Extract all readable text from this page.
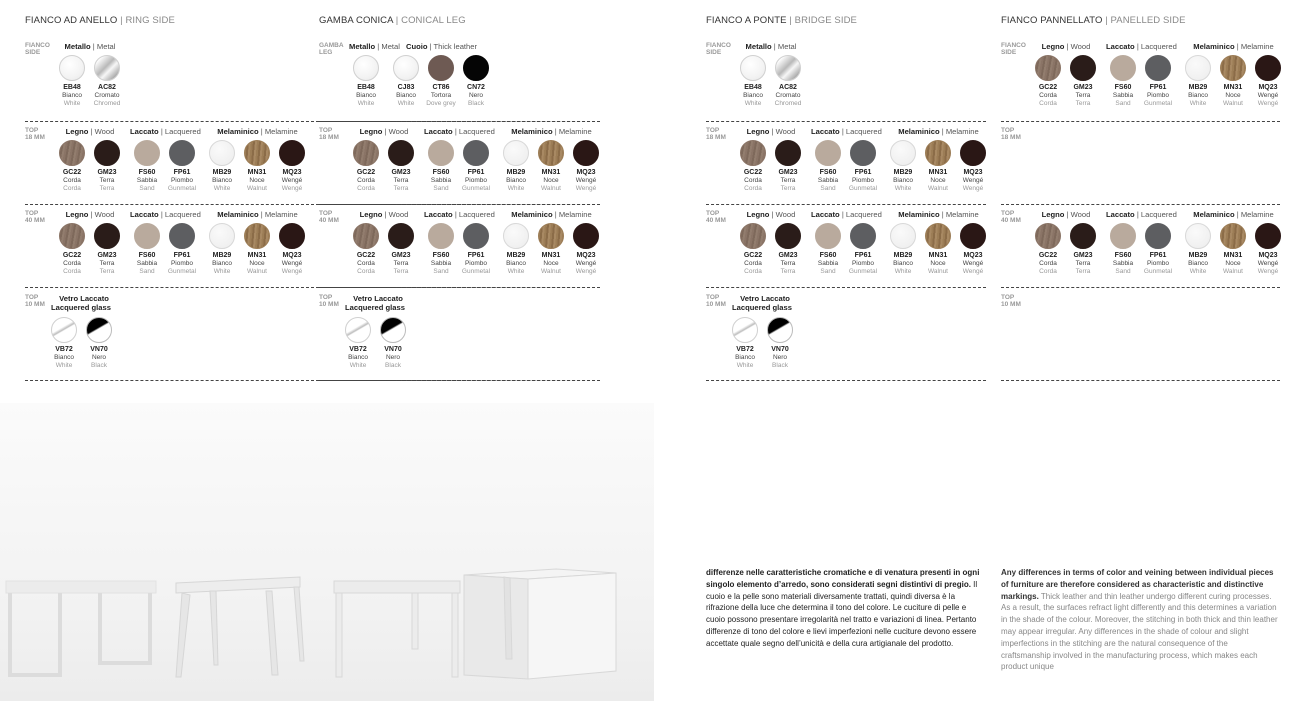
differenze nelle caratteristiche cromatiche e di venatura presenti in ogni singolo elemento d’arredo, sono considerati segni distintivi di pregio. Il cuoio e la pelle sono materiali diversamente trattati, quindi diversa è la rifrazione della luce che determina il tono del colore. Le cuciture di pelle e cuoio possono presentare irregolarità nel tratto e variazioni di linea. Pertanto differenze di tono del colore e lievi imperfezioni nelle cuciture devono essere accettate quale segno dell’unicità e della cura artigianale del prodotto.
Any differences in terms of color and veining between individual pieces of furniture are therefore considered as characteristic and distinctive markings. Thick leather and thin leather undergo different curing processes. As a result, the surfaces refract light differently and this determines a variation in the shade of the colour. Moreover, the stitching in both thick and thin leather may appear irregular. Any differences in the shade of colour and slight imperfections in the stitching are the natural consequence of the craftsmanship involved in the manufacturing process, which makes each product unique
FIANCO AD ANELLO | RING SIDE
FIANCO
SIDE
Metallo | Metal
EB48
Bianco
White
AC82
Cromato
Chromed
TOP
18 MM
Legno | Wood
GC22
Corda
Corda
GM23
Terra
Terra
Laccato | Lacquered
FS60
Sabbia
Sand
FP61
Piombo
Gunmetal
Melaminico | Melamine
MB29
Bianco
White
MN31
Noce
Walnut
MQ23
Wengé
Wengé
TOP
40 MM
Legno | Wood
GC22
Corda
Corda
GM23
Terra
Terra
Laccato | Lacquered
FS60
Sabbia
Sand
FP61
Piombo
Gunmetal
Melaminico | Melamine
MB29
Bianco
White
MN31
Noce
Walnut
MQ23
Wengé
Wengé
TOP
10 MM
Vetro Laccato
Lacquered glass
VB72
Bianco
White
VN70
Nero
Black
GAMBA CONICA | CONICAL LEG
GAMBA
LEG
Metallo | Metal
EB48
Bianco
White
Cuoio | Thick leather
CJ83
Bianco
White
CT86
Tortora
Dove grey
CN72
Nero
Black
TOP
18 MM
Legno | Wood
GC22
Corda
Corda
GM23
Terra
Terra
Laccato | Lacquered
FS60
Sabbia
Sand
FP61
Piombo
Gunmetal
Melaminico | Melamine
MB29
Bianco
White
MN31
Noce
Walnut
MQ23
Wengé
Wengé
TOP
40 MM
Legno | Wood
GC22
Corda
Corda
GM23
Terra
Terra
Laccato | Lacquered
FS60
Sabbia
Sand
FP61
Piombo
Gunmetal
Melaminico | Melamine
MB29
Bianco
White
MN31
Noce
Walnut
MQ23
Wengé
Wengé
TOP
10 MM
Vetro Laccato
Lacquered glass
VB72
Bianco
White
VN70
Nero
Black
FIANCO A PONTE | BRIDGE SIDE
FIANCO
SIDE
Metallo | Metal
EB48
Bianco
White
AC82
Cromato
Chromed
TOP
18 MM
Legno | Wood
GC22
Corda
Corda
GM23
Terra
Terra
Laccato | Lacquered
FS60
Sabbia
Sand
FP61
Piombo
Gunmetal
Melaminico | Melamine
MB29
Bianco
White
MN31
Noce
Walnut
MQ23
Wengé
Wengé
TOP
40 MM
Legno | Wood
GC22
Corda
Corda
GM23
Terra
Terra
Laccato | Lacquered
FS60
Sabbia
Sand
FP61
Piombo
Gunmetal
Melaminico | Melamine
MB29
Bianco
White
MN31
Noce
Walnut
MQ23
Wengé
Wengé
TOP
10 MM
Vetro Laccato
Lacquered glass
VB72
Bianco
White
VN70
Nero
Black
FIANCO PANNELLATO | PANELLED SIDE
FIANCO
SIDE
Legno | Wood
GC22
Corda
Corda
GM23
Terra
Terra
Laccato | Lacquered
FS60
Sabbia
Sand
FP61
Piombo
Gunmetal
Melaminico | Melamine
MB29
Bianco
White
MN31
Noce
Walnut
MQ23
Wengé
Wengé
TOP
18 MM
TOP
40 MM
Legno | Wood
GC22
Corda
Corda
GM23
Terra
Terra
Laccato | Lacquered
FS60
Sabbia
Sand
FP61
Piombo
Gunmetal
Melaminico | Melamine
MB29
Bianco
White
MN31
Noce
Walnut
MQ23
Wengé
Wengé
TOP
10 MM
